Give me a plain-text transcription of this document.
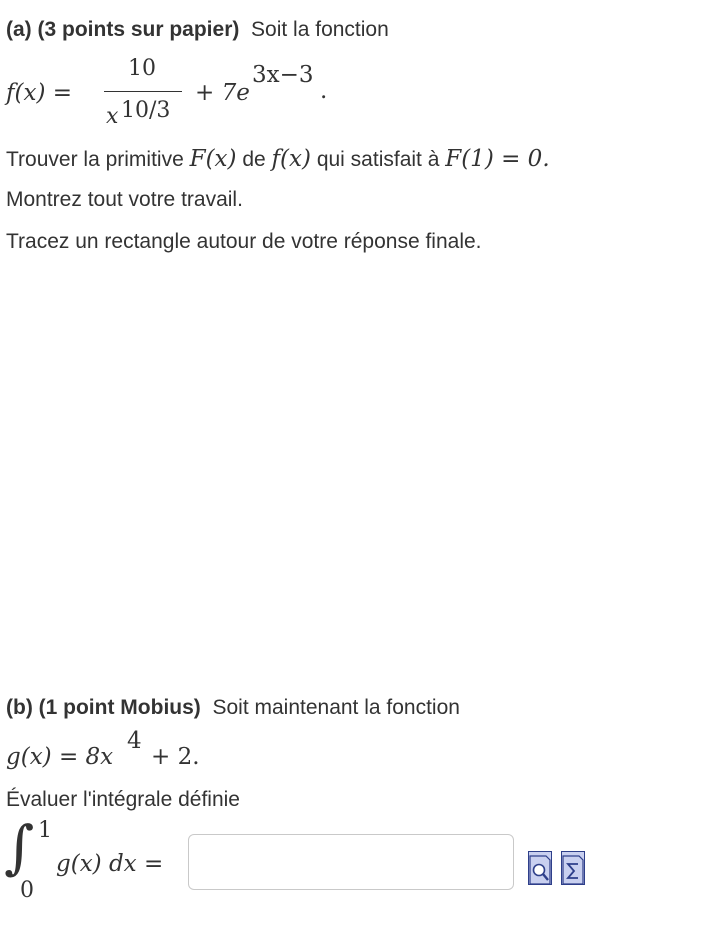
(a) (3 points sur papier) Soit la fonction
f(x) =
10
x 10/3
+ 7e
3x−3
.
Trouver la primitive F(x) de f(x) qui satisfait à F(1) = 0.
Montrez tout votre travail.
Tracez un rectangle autour de votre réponse finale.
(b) (1 point Mobius) Soit maintenant la fonction
g(x) = 8x
4
+ 2.
Évaluer l'intégrale définie
∫ 1
0
g(x) dx =
